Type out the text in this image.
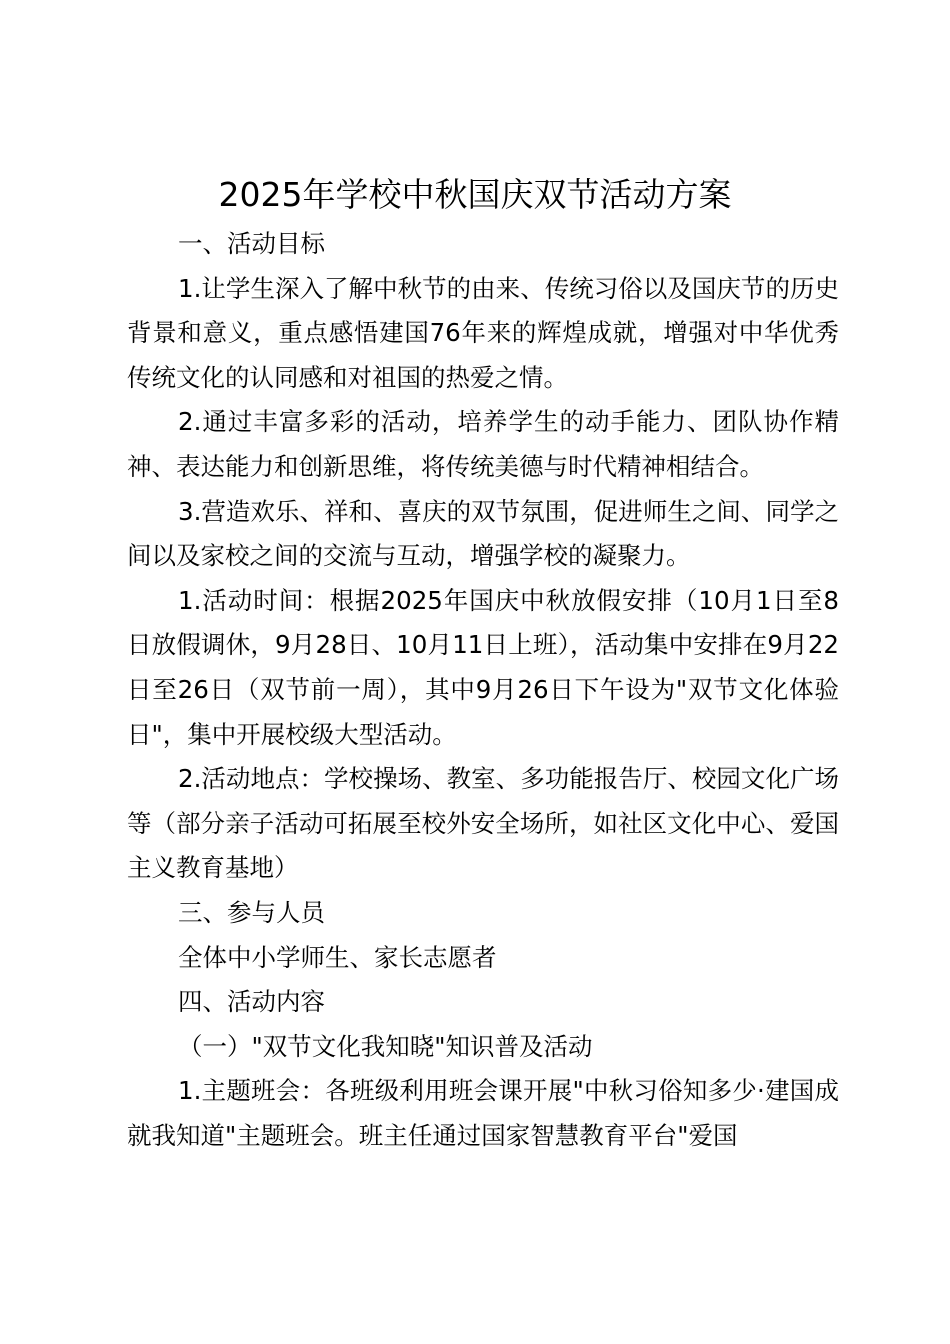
2025年学校中秋国庆双节活动方案

一、活动目标

1.让学生深入了解中秋节的由来、传统习俗以及国庆节的历史背景和意义，重点感悟建国76年来的辉煌成就，增强对中华优秀传统文化的认同感和对祖国的热爱之情。

2.通过丰富多彩的活动，培养学生的动手能力、团队协作精神、表达能力和创新思维，将传统美德与时代精神相结合。

3.营造欢乐、祥和、喜庆的双节氛围，促进师生之间、同学之间以及家校之间的交流与互动，增强学校的凝聚力。

1.活动时间：根据2025年国庆中秋放假安排（10月1日至8日放假调休，9月28日、10月11日上班），活动集中安排在9月22日至26日（双节前一周），其中9月26日下午设为"双节文化体验日"，集中开展校级大型活动。

2.活动地点：学校操场、教室、多功能报告厅、校园文化广场等（部分亲子活动可拓展至校外安全场所，如社区文化中心、爱国主义教育基地）

三、参与人员

全体中小学师生、家长志愿者

四、活动内容

（一）"双节文化我知晓"知识普及活动

1.主题班会：各班级利用班会课开展"中秋习俗知多少·建国成就我知道"主题班会。班主任通过国家智慧教育平台"爱国
